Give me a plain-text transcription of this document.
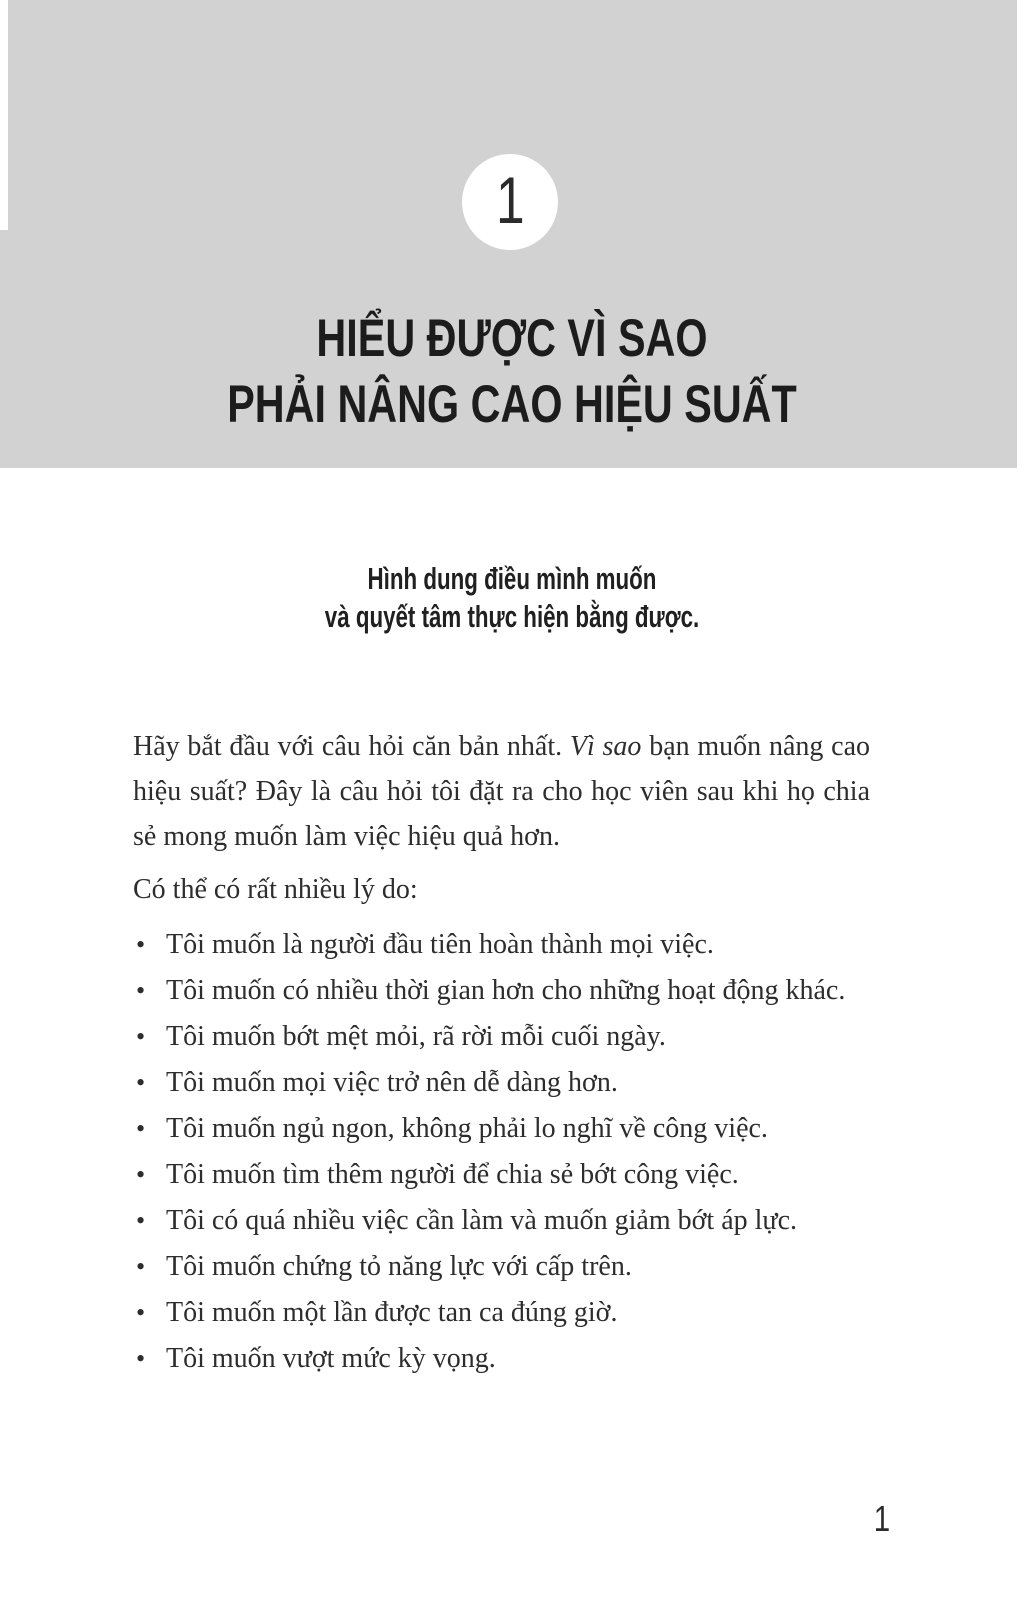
1
HIỂU ĐƯỢC VÌ SAO
PHẢI NÂNG CAO HIỆU SUẤT
Hình dung điều mình muốn
và quyết tâm thực hiện bằng được.

Hãy bắt đầu với câu hỏi căn bản nhất. Vì sao bạn muốn nâng cao hiệu suất? Đây là câu hỏi tôi đặt ra cho học viên sau khi họ chia sẻ mong muốn làm việc hiệu quả hơn.

Có thể có rất nhiều lý do:

• Tôi muốn là người đầu tiên hoàn thành mọi việc.
• Tôi muốn có nhiều thời gian hơn cho những hoạt động khác.
• Tôi muốn bớt mệt mỏi, rã rời mỗi cuối ngày.
• Tôi muốn mọi việc trở nên dễ dàng hơn.
• Tôi muốn ngủ ngon, không phải lo nghĩ về công việc.
• Tôi muốn tìm thêm người để chia sẻ bớt công việc.
• Tôi có quá nhiều việc cần làm và muốn giảm bớt áp lực.
• Tôi muốn chứng tỏ năng lực với cấp trên.
• Tôi muốn một lần được tan ca đúng giờ.
• Tôi muốn vượt mức kỳ vọng.
1
